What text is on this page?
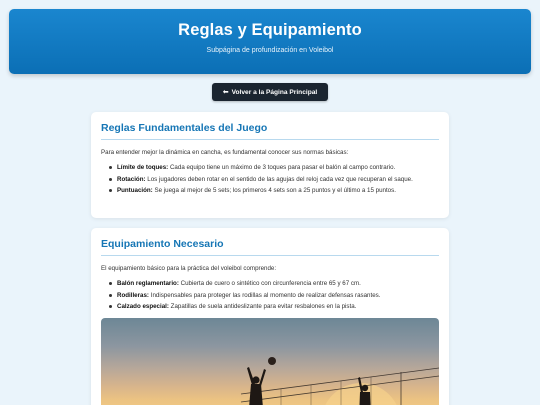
Reglas y Equipamiento

Subpágina de profundización en Voleibol

⬅ Volver a la Página Principal
Reglas Fundamentales del Juego

Para entender mejor la dinámica en cancha, es fundamental conocer sus normas básicas:

Límite de toques: Cada equipo tiene un máximo de 3 toques para pasar el balón al campo contrario.
Rotación: Los jugadores deben rotar en el sentido de las agujas del reloj cada vez que recuperan el saque.
Puntuación: Se juega al mejor de 5 sets; los primeros 4 sets son a 25 puntos y el último a 15 puntos.
Equipamiento Necesario

El equipamiento básico para la práctica del voleibol comprende:

Balón reglamentario: Cubierta de cuero o sintético con circunferencia entre 65 y 67 cm.
Rodilleras: Indispensables para proteger las rodillas al momento de realizar defensas rasantes.
Calzado especial: Zapatillas de suela antideslizante para evitar resbalones en la pista.
